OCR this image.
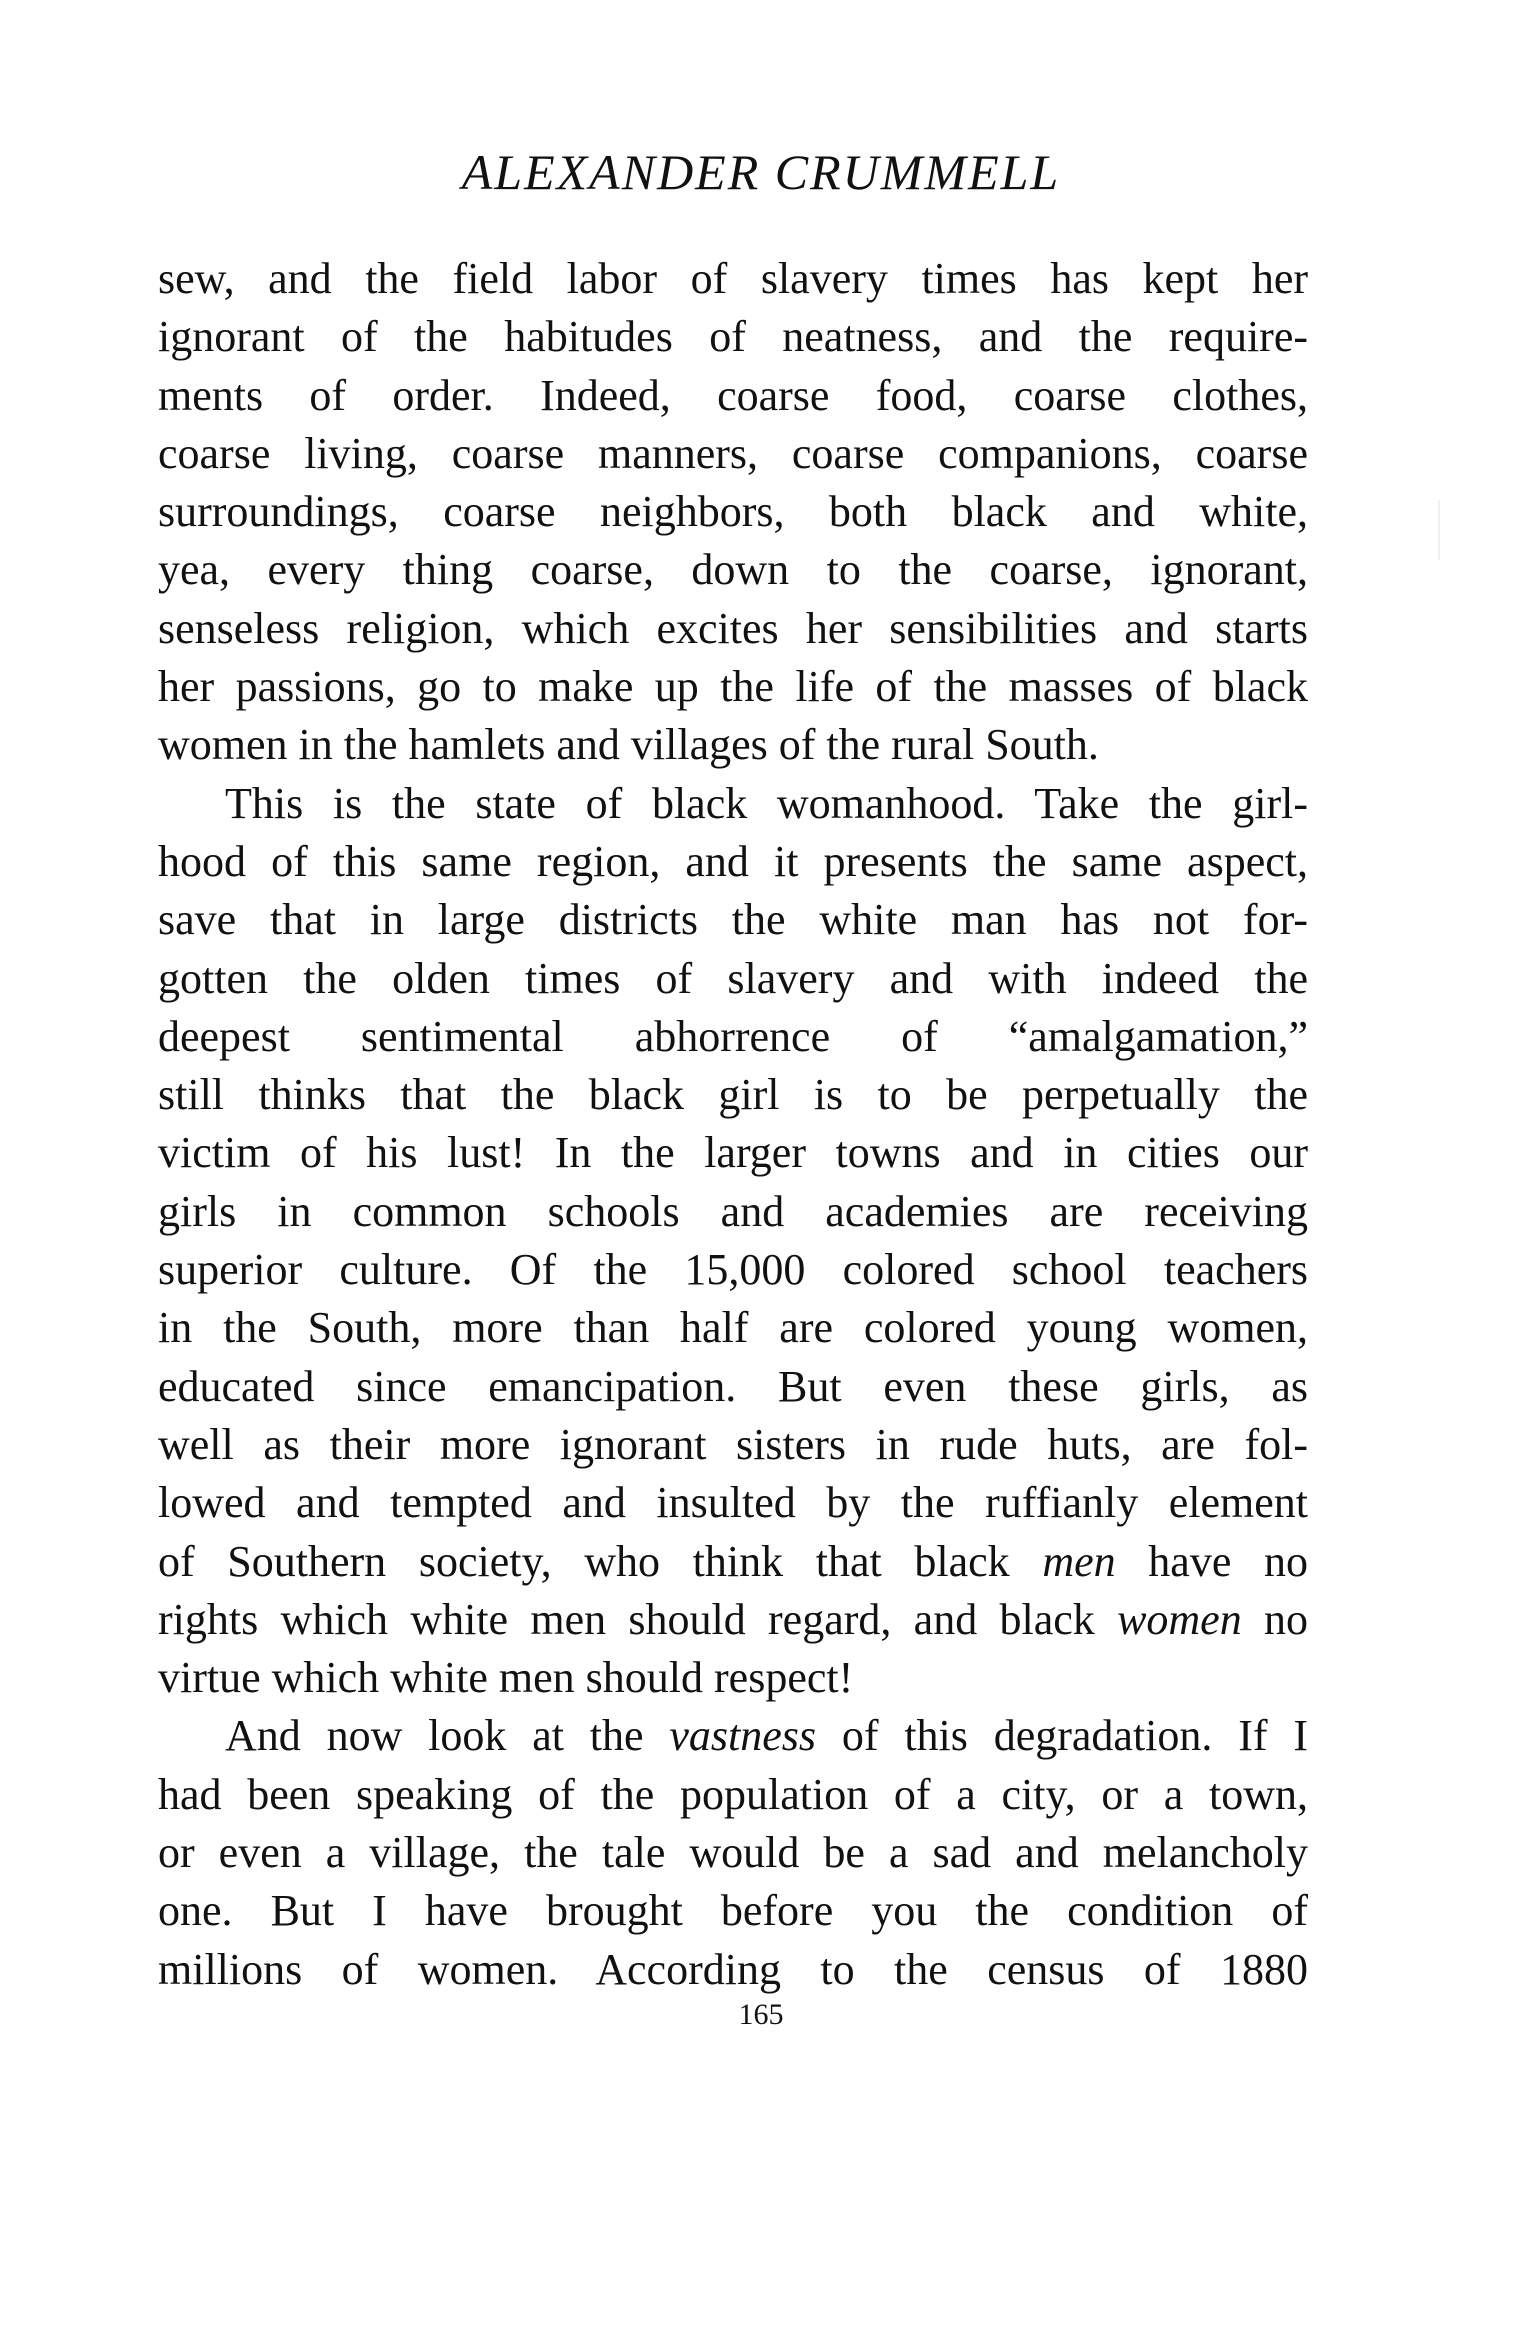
ALEXANDER CRUMMELL
sew, and the field labor of slavery times has kept her
ignorant of the habitudes of neatness, and the require-
ments of order. Indeed, coarse food, coarse clothes,
coarse living, coarse manners, coarse companions, coarse
surroundings, coarse neighbors, both black and white,
yea, every thing coarse, down to the coarse, ignorant,
senseless religion, which excites her sensibilities and starts
her passions, go to make up the life of the masses of black
women in the hamlets and villages of the rural South.
This is the state of black womanhood. Take the girl-
hood of this same region, and it presents the same aspect,
save that in large districts the white man has not for-
gotten the olden times of slavery and with indeed the
deepest sentimental abhorrence of “amalgamation,”
still thinks that the black girl is to be perpetually the
victim of his lust! In the larger towns and in cities our
girls in common schools and academies are receiving
superior culture. Of the 15,000 colored school teachers
in the South, more than half are colored young women,
educated since emancipation. But even these girls, as
well as their more ignorant sisters in rude huts, are fol-
lowed and tempted and insulted by the ruffianly element
of Southern society, who think that black men have no
rights which white men should regard, and black women no
virtue which white men should respect!
And now look at the vastness of this degradation. If I
had been speaking of the population of a city, or a town,
or even a village, the tale would be a sad and melancholy
one. But I have brought before you the condition of
millions of women. According to the census of 1880
165
